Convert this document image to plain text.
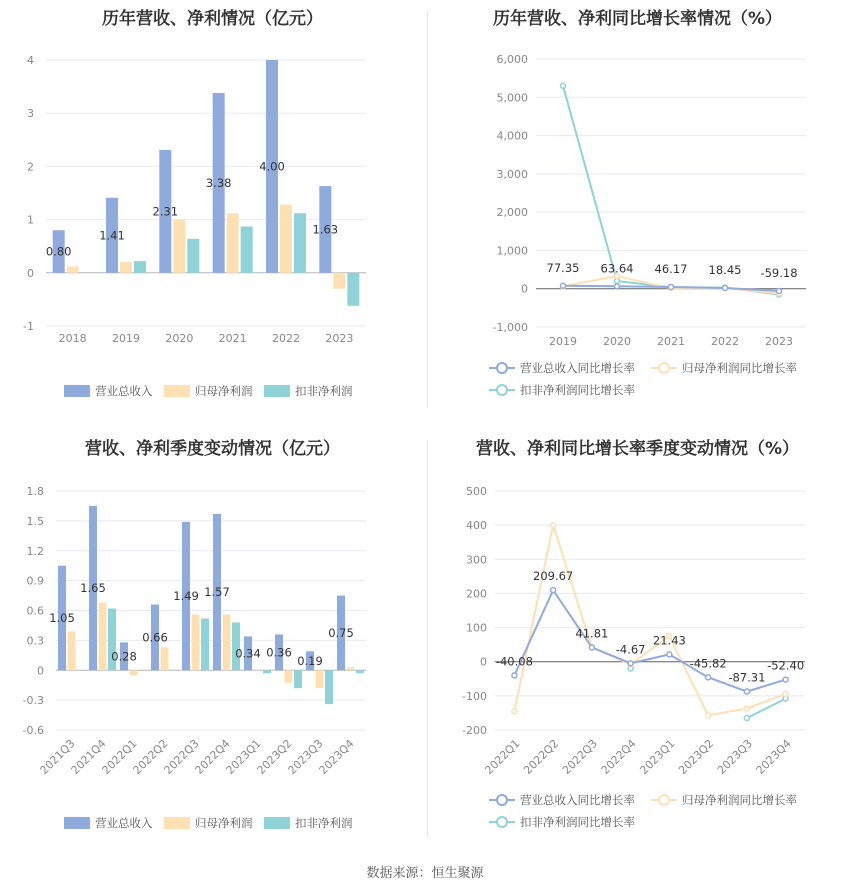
历年营收、净利情况（亿元）
-1
0
1
2
3
4
2018
0.80
2019
1.41
2020
2.31
2021
3.38
2022
4.00
2023
1.63
营业总收入	归母净利润	扣非净利润
历年营收、净利同比增长率情况（%）
-1,000
0
1,000
2,000
3,000
4,000
5,000
6,000
2019 2020 2021 2022 2023
77.35 63.64 46.17 18.45 -59.18
营业总收入同比增长率	归母净利润同比增长率
扣非净利润同比增长率
营收、净利季度变动情况（亿元）
-0.6
-0.3
0
0.3
0.6
0.9
1.2
1.5
1.8
2021Q3
1.05
2021Q4
1.65
2022Q1
0.28
2022Q2
0.66
2022Q3
1.49
2022Q4
1.57
2023Q1
0.34
2023Q2
0.36
2023Q3
0.19
2023Q4
0.75
营业总收入	归母净利润	扣非净利润
营收、净利同比增长率季度变动情况（%）
-200
-100
0
100
200
300
400
500
2022Q1
2022Q2
2022Q3
2022Q4
2023Q1
2023Q2
2023Q3
2023Q4
-40.08
209.67
41.81
-4.67
21.43
-45.82
-87.31
-52.40
营业总收入同比增长率	归母净利润同比增长率
扣非净利润同比增长率
数据来源：恒生聚源
